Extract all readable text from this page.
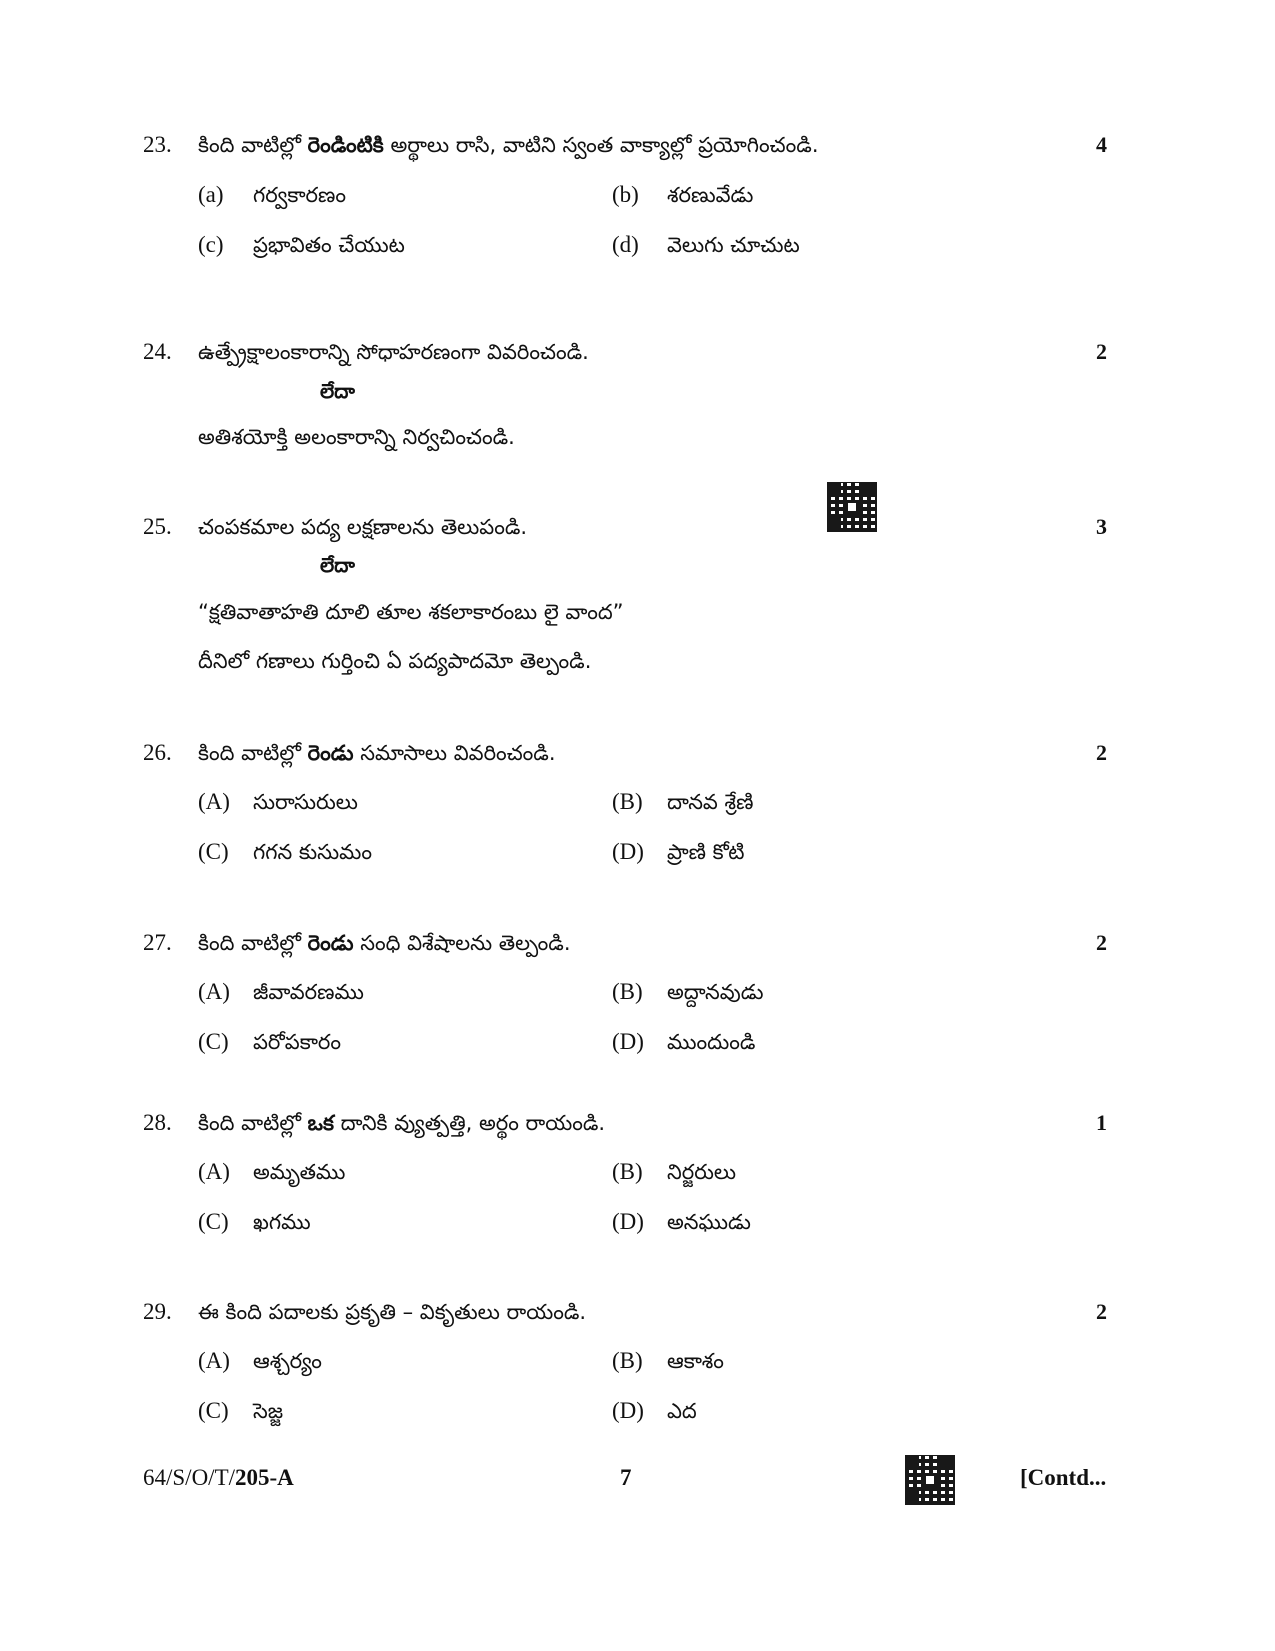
23. కింది వాటిల్లో రెండింటికి అర్థాలు రాసి, వాటిని స్వంత వాక్యాల్లో ప్రయోగించండి.	4
(a) గర్వకారణం	(b) శరణువేడు
(c) ప్రభావితం చేయుట	(d) వెలుగు చూచుట
24. ఉత్ప్రేక్షాలంకారాన్ని సోధాహరణంగా వివరించండి.	2
లేదా
అతిశయోక్తి అలంకారాన్ని నిర్వచించండి.
25. చంపకమాల పద్య లక్షణాలను తెలుపండి.	3
లేదా
“క్షతివాతాహతి దూలి తూల శకలాకారంబు లై వాంద”
దీనిలో గణాలు గుర్తించి ఏ పద్యపాదమో తెల్పండి.
26. కింది వాటిల్లో రెండు సమాసాలు వివరించండి.	2
(A) సురాసురులు	(B) దానవ శ్రేణి
(C) గగన కుసుమం	(D) ప్రాణి కోటి
27. కింది వాటిల్లో రెండు సంధి విశేషాలను తెల్పండి.	2
(A) జీవావరణము	(B) అద్దానవుడు
(C) పరోపకారం	(D) ముందుండి
28. కింది వాటిల్లో ఒక దానికి వ్యుత్పత్తి, అర్థం రాయండి.	1
(A) అమృతము	(B) నిర్జరులు
(C) ఖగము	(D) అనఘుడు
29. ఈ కింది పదాలకు ప్రకృతి – వికృతులు రాయండి.	2
(A) ఆశ్చర్యం	(B) ఆకాశం
(C) సెజ్జ	(D) ఎద
64/S/O/T/205-A	7	[Contd...
